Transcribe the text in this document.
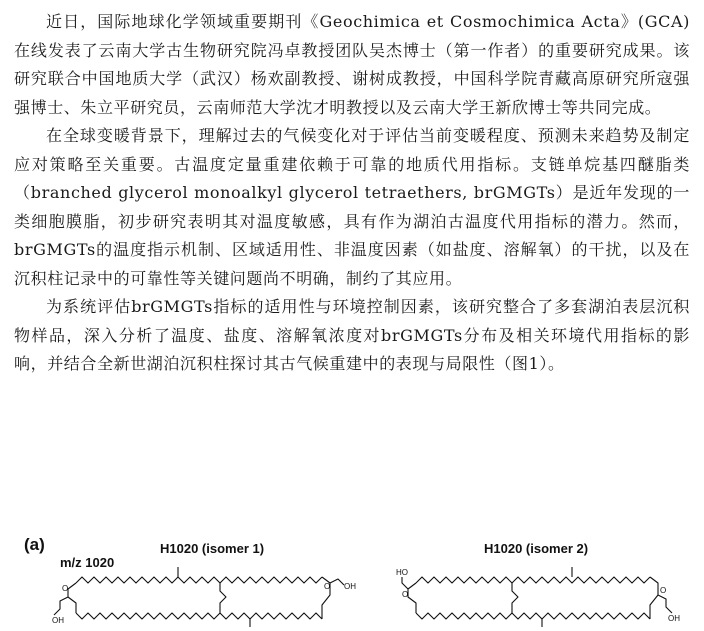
近日，国际地球化学领域重要期刊《Geochimica et Cosmochimica Acta》(GCA)在线发表了云南大学古生物研究院冯卓教授团队吴杰博士（第一作者）的重要研究成果。该研究联合中国地质大学（武汉）杨欢副教授、谢树成教授，中国科学院青藏高原研究所寇强强博士、朱立平研究员，云南师范大学沈才明教授以及云南大学王新欣博士等共同完成。

在全球变暖背景下，理解过去的气候变化对于评估当前变暖程度、预测未来趋势及制定应对策略至关重要。古温度定量重建依赖于可靠的地质代用指标。支链单烷基四醚脂类（branched glycerol monoalkyl glycerol tetraethers, brGMGTs）是近年发现的一类细胞膜脂，初步研究表明其对温度敏感，具有作为湖泊古温度代用指标的潜力。然而，brGMGTs的温度指示机制、区域适用性、非温度因素（如盐度、溶解氧）的干扰，以及在沉积柱记录中的可靠性等关键问题尚不明确，制约了其应用。

为系统评估brGMGTs指标的适用性与环境控制因素，该研究整合了多套湖泊表层沉积物样品，深入分析了温度、盐度、溶解氧浓度对brGMGTs分布及相关环境代用指标的影响，并结合全新世湖泊沉积柱探讨其古气候重建中的表现与局限性（图1）。

(a)
m/z 1020
H1020 (isomer 1)	H1020 (isomer 2)
O
OH
O OH
HO
O	O
OH
